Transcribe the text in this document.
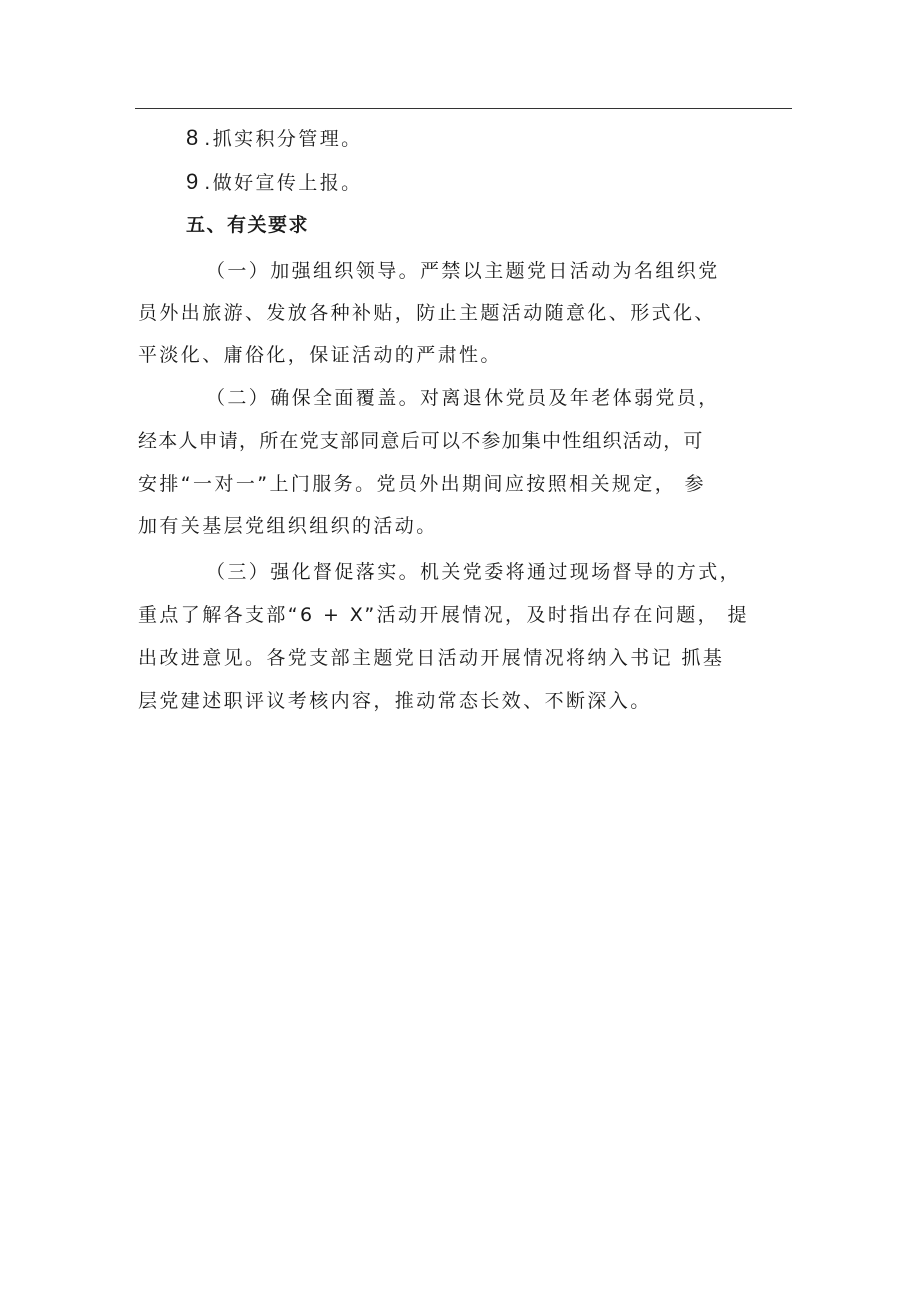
8 .抓实积分管理。
9 .做好宣传上报。
五、有关要求
（一）加强组织领导。严禁以主题党日活动为名组织党
员外出旅游、发放各种补贴，防止主题活动随意化、形式化、
平淡化、庸俗化，保证活动的严肃性。
（二）确保全面覆盖。对离退休党员及年老体弱党员，
经本人申请，所在党支部同意后可以不参加集中性组织活动，可
安排“一对一”上门服务。党员外出期间应按照相关规定， 参
加有关基层党组织组织的活动。
（三）强化督促落实。机关党委将通过现场督导的方式，
重点了解各支部“6 + X”活动开展情况，及时指出存在问题， 提
出改进意见。各党支部主题党日活动开展情况将纳入书记 抓基
层党建述职评议考核内容，推动常态长效、不断深入。
